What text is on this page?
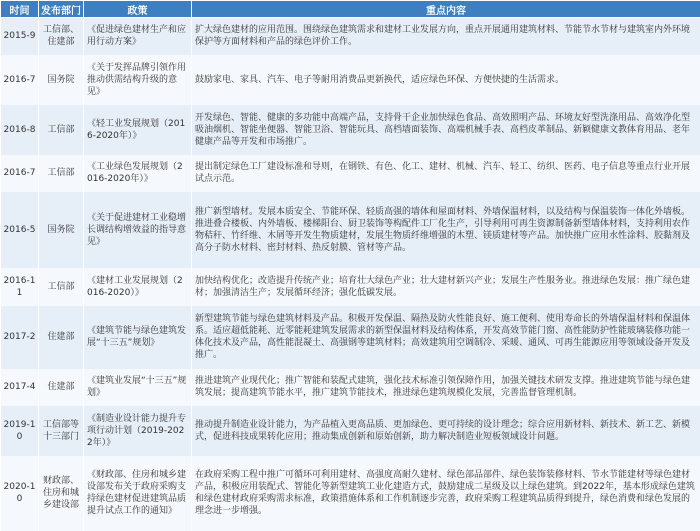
时间	发布部门	政策	重点内容
2015-9	工信部、住建部	《促进绿色建材生产和应用行动方案》	扩大绿色建材的应用范围。围绕绿色建筑需求和建材工业发展方向，重点开展通用建筑材料、节能节水节材与建筑室内外环境保护等方面材料和产品的绿色评价工作。
2016-7	国务院	《关于发挥品牌引领作用推动供需结构升级的意见》	鼓励家电、家具、汽车、电子等耐用消费品更新换代，适应绿色环保、方便快捷的生活需求。
2016-8	工信部	《轻工业发展规划（2016-2020年）》	开发绿色、智能、健康的多功能中高端产品，支持骨干企业加快绿色食品、高效照明产品、环境友好型洗涤用品、高效净化型吸油烟机、智能坐便器、智能卫浴、智能玩具、高档墙面装饰、高端机械手表、高档皮革制品、新颖健康文教体育用品、老年健康产品等开发和市场推广。
2016-7	工信部	《工业绿色发展规划（2016-2020年）》	提出制定绿色工厂建设标准和导则，在钢铁、有色、化工、建材、机械、汽车、轻工、纺织、医药、电子信息等重点行业开展试点示范。
2016-5	国务院	《关于促进建材工业稳增长调结构增效益的指导意见》	推广新型墙材。发展本质安全、节能环保、轻质高强的墙体和屋面材料、外墙保温材料，以及结构与保温装饰一体化外墙板。推进叠合楼板、内外墙板、楼梯阳台、厨卫装饰等构配件工厂化生产，引导利用可再生资源制备新型墙体材料，支持利用农作物秸秆、竹纤维、木屑等开发生物质建材，发展生物质纤维增强的木塑、镁质建材等产品。加快推广应用水性涂料、胶黏剂及高分子防水材料、密封材料、热反射膜、管材等产品。
2016-11	工信部	《建材工业发展规划（2016-2020）》	加快结构优化；改造提升传统产业；培育壮大绿色产业；壮大建材新兴产业；发展生产性服务业。推进绿色发展：推广绿色建材；加强清洁生产；发展循环经济；强化低碳发展。
2017-2	住建部	《建筑节能与绿色建筑发展“十三五”规划》	新型建筑节能与绿色建筑材料及产品。积极开发保温、隔热及防火性能良好、施工便利、使用寿命长的外墙保温材料和保温体系。适应超低能耗、近零能耗建筑发展需求的新型保温材料及结构体系，开发高效节能门窗、高性能防护性能玻璃装修功能一体化技术及产品，高性能混凝土、高强钢等建筑材料；高效建筑用空调制冷、采暖、通风、可再生能源应用等领域设备开发及推广。
2017-4	住建部	《建筑业发展“十三五”规划》	推进建筑产业现代化；推广智能和装配式建筑，强化技术标准引领保障作用，加强关键技术研发支撑。推进建筑节能与绿色建筑发展；提高建筑节能水平，推广建筑节能技术，推进绿色建筑规模化发展，完善监督管理机制。
2019-10	工信部等十三部门	《制造业设计能力提升专项行动计划（2019-2022年）》	推动提升制造业设计能力，为产品植入更高品质、更加绿色、更可持续的设计理念；综合应用新材料、新技术、新工艺、新模式，促进科技成果转化应用；推动集成创新和原始创新，助力解决制造业短板领域设计问题。
2020-10	财政部、住房和城乡建设部	《财政部、住房和城乡建设部发布关于政府采购支持绿色建材促进建筑品质提升试点工作的通知》	在政府采购工程中推广可循环可利用建材、高强度高耐久建材、绿色部品部件、绿色装饰装修材料、节水节能建材等绿色建材产品，积极应用装配式、智能化等新型建筑工业化建造方式，鼓励建成二星级及以上绿色建筑。到2022年，基本形成绿色建筑和绿色建材政府采购需求标准，政策措施体系和工作机制逐步完善，政府采购工程建筑品质得到提升，绿色消费和绿色发展的理念进一步增强。
